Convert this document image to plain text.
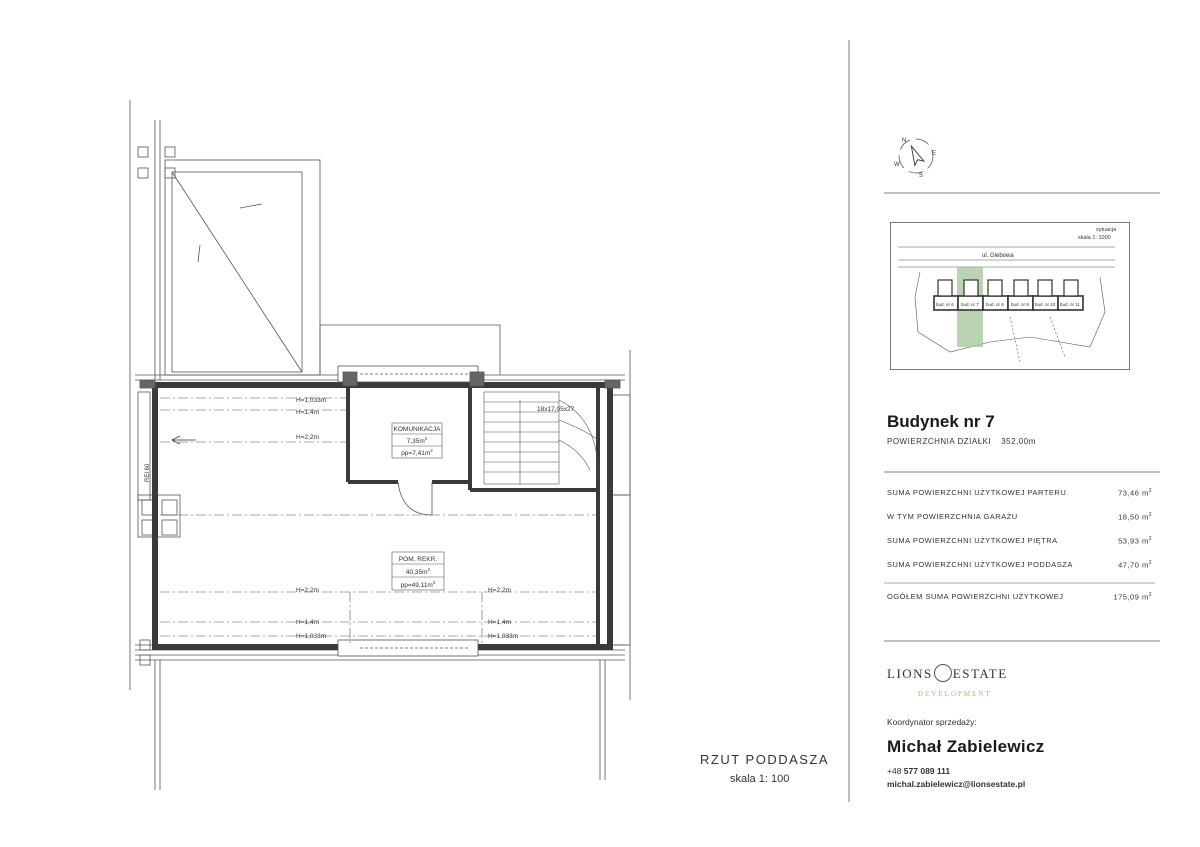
18x17,05x27
H=1,033m
H=1,4m
H=2,2m
H=2,2m	H=2,2m
H=1,4m	H=1,4m
H=1,033m	H=1,033m
REI 60
KOMUNIKACJA
$7,35m^2$
$pp=7,41m^2$
POM. REKR.
$40,35m^2$
$pp=49,11m^2$
RZUT PODDASZA
skala 1: 100
N
E
S
W
sytuacja
skala 1: 1000
ul. Glebowa
bud. nr 6 bud. nr 7 bud. nr 8 bud. nr 9 bud. nr 10 bud. nr 11
Budynek nr 7
POWIERZCHNIA DZIAŁKI 352,00m
SUMA POWIERZCHNI UŻYTKOWEJ PARTERU	73,46 $m^2$
W TYM POWIERZCHNIA GARAŻU	18,50 $m^2$
SUMA POWIERZCHNI UŻYTKOWEJ PIĘTRA	53,93 $m^2$
SUMA POWIERZCHNI UŻYTKOWEJ PODDASZA	47,70 $m^2$
OGÓŁEM SUMA POWIERZCHNI UŻYTKOWEJ	175,09 $m^2$
LIONS ESTATE
DEVELOPMENT
Koordynator sprzedaży:
Michał Zabielewicz
+48 577 089 111
michal.zabielewicz@lionsestate.pl
